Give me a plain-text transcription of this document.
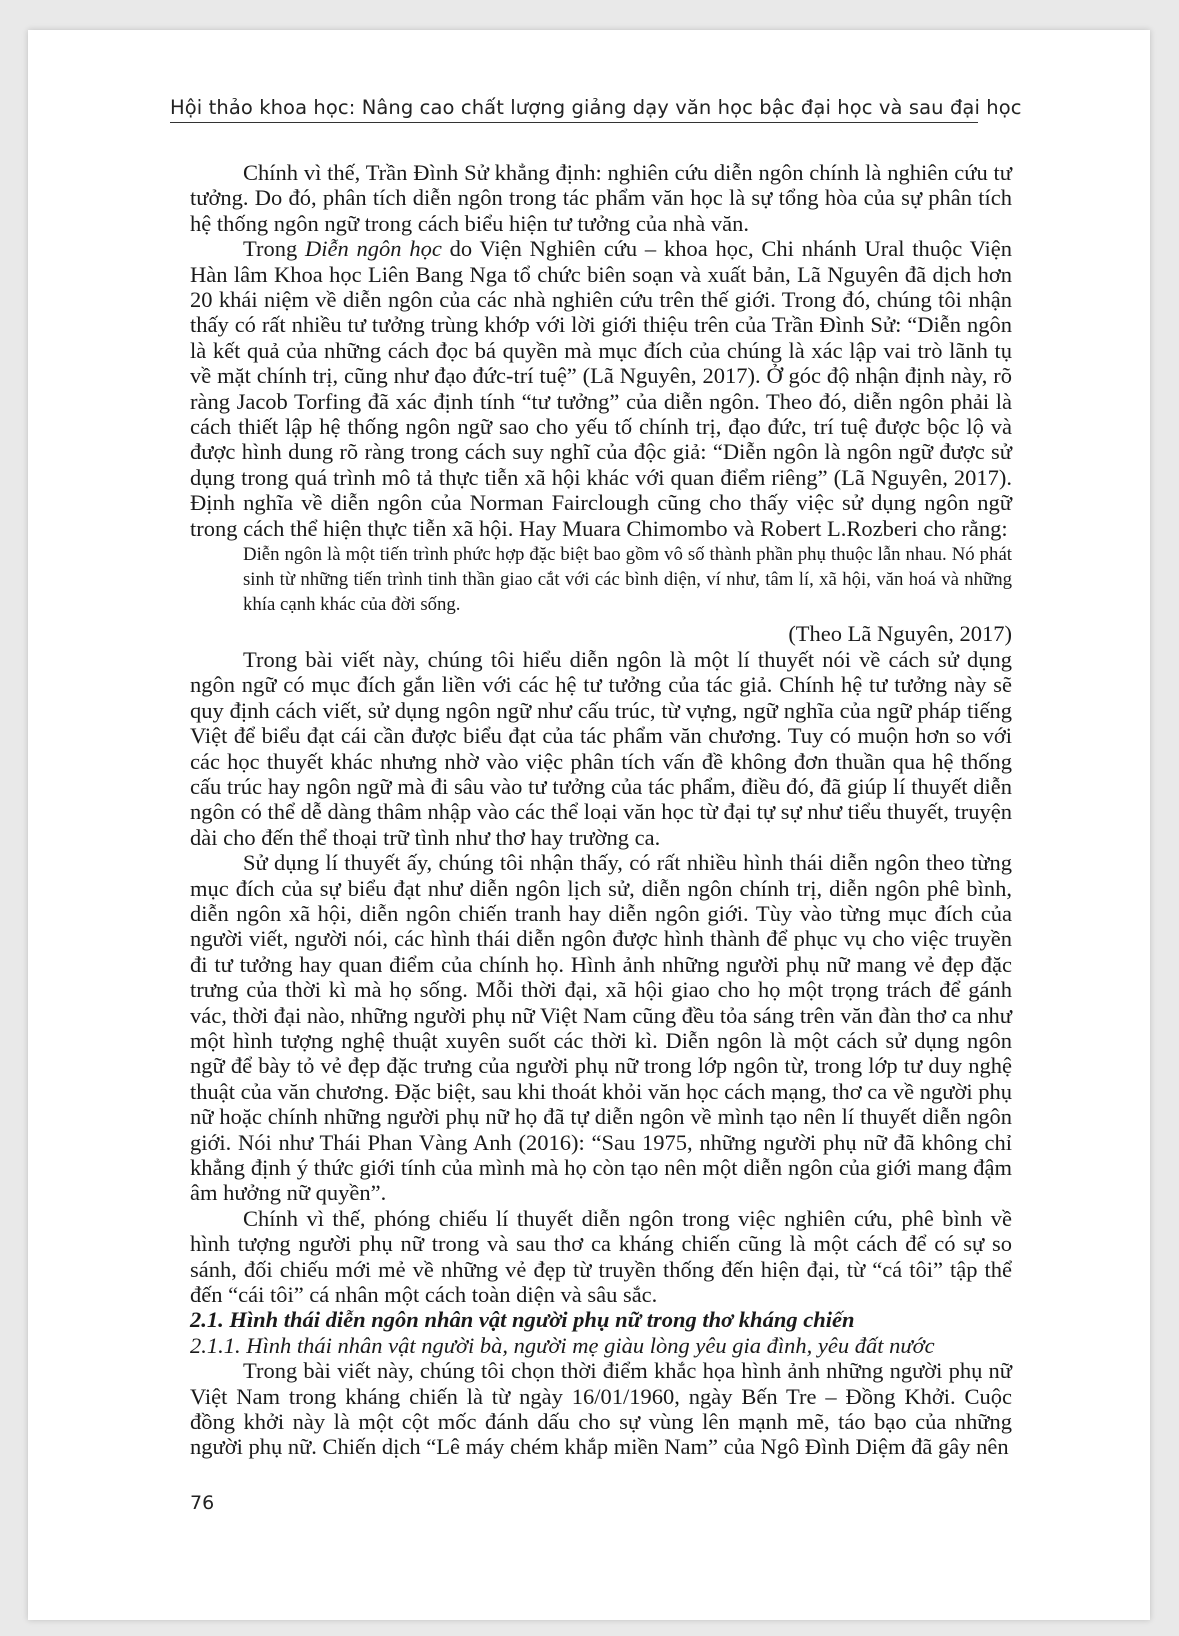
Hội thảo khoa học: Nâng cao chất lượng giảng dạy văn học bậc đại học và sau đại học

Chính vì thế, Trần Đình Sử khẳng định: nghiên cứu diễn ngôn chính là nghiên cứu tư tưởng. Do đó, phân tích diễn ngôn trong tác phẩm văn học là sự tổng hòa của sự phân tích hệ thống ngôn ngữ trong cách biểu hiện tư tưởng của nhà văn.

Trong Diễn ngôn học do Viện Nghiên cứu – khoa học, Chi nhánh Ural thuộc Viện Hàn lâm Khoa học Liên Bang Nga tổ chức biên soạn và xuất bản, Lã Nguyên đã dịch hơn 20 khái niệm về diễn ngôn của các nhà nghiên cứu trên thế giới. Trong đó, chúng tôi nhận thấy có rất nhiều tư tưởng trùng khớp với lời giới thiệu trên của Trần Đình Sử: “Diễn ngôn là kết quả của những cách đọc bá quyền mà mục đích của chúng là xác lập vai trò lãnh tụ về mặt chính trị, cũng như đạo đức-trí tuệ” (Lã Nguyên, 2017). Ở góc độ nhận định này, rõ ràng Jacob Torfing đã xác định tính “tư tưởng” của diễn ngôn. Theo đó, diễn ngôn phải là cách thiết lập hệ thống ngôn ngữ sao cho yếu tố chính trị, đạo đức, trí tuệ được bộc lộ và được hình dung rõ ràng trong cách suy nghĩ của độc giả: “Diễn ngôn là ngôn ngữ được sử dụng trong quá trình mô tả thực tiễn xã hội khác với quan điểm riêng” (Lã Nguyên, 2017). Định nghĩa về diễn ngôn của Norman Fairclough cũng cho thấy việc sử dụng ngôn ngữ trong cách thể hiện thực tiễn xã hội. Hay Muara Chimombo và Robert L.Rozberi cho rằng:

Diễn ngôn là một tiến trình phức hợp đặc biệt bao gồm vô số thành phần phụ thuộc lẫn nhau. Nó phát sinh từ những tiến trình tinh thần giao cắt với các bình diện, ví như, tâm lí, xã hội, văn hoá và những khía cạnh khác của đời sống.

(Theo Lã Nguyên, 2017)

Trong bài viết này, chúng tôi hiểu diễn ngôn là một lí thuyết nói về cách sử dụng ngôn ngữ có mục đích gắn liền với các hệ tư tưởng của tác giả. Chính hệ tư tưởng này sẽ quy định cách viết, sử dụng ngôn ngữ như cấu trúc, từ vựng, ngữ nghĩa của ngữ pháp tiếng Việt để biểu đạt cái cần được biểu đạt của tác phẩm văn chương. Tuy có muộn hơn so với các học thuyết khác nhưng nhờ vào việc phân tích vấn đề không đơn thuần qua hệ thống cấu trúc hay ngôn ngữ mà đi sâu vào tư tưởng của tác phẩm, điều đó, đã giúp lí thuyết diễn ngôn có thể dễ dàng thâm nhập vào các thể loại văn học từ đại tự sự như tiểu thuyết, truyện dài cho đến thể thoại trữ tình như thơ hay trường ca.

Sử dụng lí thuyết ấy, chúng tôi nhận thấy, có rất nhiều hình thái diễn ngôn theo từng mục đích của sự biểu đạt như diễn ngôn lịch sử, diễn ngôn chính trị, diễn ngôn phê bình, diễn ngôn xã hội, diễn ngôn chiến tranh hay diễn ngôn giới. Tùy vào từng mục đích của người viết, người nói, các hình thái diễn ngôn được hình thành để phục vụ cho việc truyền đi tư tưởng hay quan điểm của chính họ. Hình ảnh những người phụ nữ mang vẻ đẹp đặc trưng của thời kì mà họ sống. Mỗi thời đại, xã hội giao cho họ một trọng trách để gánh vác, thời đại nào, những người phụ nữ Việt Nam cũng đều tỏa sáng trên văn đàn thơ ca như một hình tượng nghệ thuật xuyên suốt các thời kì. Diễn ngôn là một cách sử dụng ngôn ngữ để bày tỏ vẻ đẹp đặc trưng của người phụ nữ trong lớp ngôn từ, trong lớp tư duy nghệ thuật của văn chương. Đặc biệt, sau khi thoát khỏi văn học cách mạng, thơ ca về người phụ nữ hoặc chính những người phụ nữ họ đã tự diễn ngôn về mình tạo nên lí thuyết diễn ngôn giới. Nói như Thái Phan Vàng Anh (2016): “Sau 1975, những người phụ nữ đã không chỉ khẳng định ý thức giới tính của mình mà họ còn tạo nên một diễn ngôn của giới mang đậm âm hưởng nữ quyền”.

Chính vì thế, phóng chiếu lí thuyết diễn ngôn trong việc nghiên cứu, phê bình về hình tượng người phụ nữ trong và sau thơ ca kháng chiến cũng là một cách để có sự so sánh, đối chiếu mới mẻ về những vẻ đẹp từ truyền thống đến hiện đại, từ “cá tôi” tập thể đến “cái tôi” cá nhân một cách toàn diện và sâu sắc.

2.1. Hình thái diễn ngôn nhân vật người phụ nữ trong thơ kháng chiến
2.1.1. Hình thái nhân vật người bà, người mẹ giàu lòng yêu gia đình, yêu đất nước

Trong bài viết này, chúng tôi chọn thời điểm khắc họa hình ảnh những người phụ nữ Việt Nam trong kháng chiến là từ ngày 16/01/1960, ngày Bến Tre – Đồng Khởi. Cuộc đồng khởi này là một cột mốc đánh dấu cho sự vùng lên mạnh mẽ, táo bạo của những người phụ nữ. Chiến dịch “Lê máy chém khắp miền Nam” của Ngô Đình Diệm đã gây nên

76
